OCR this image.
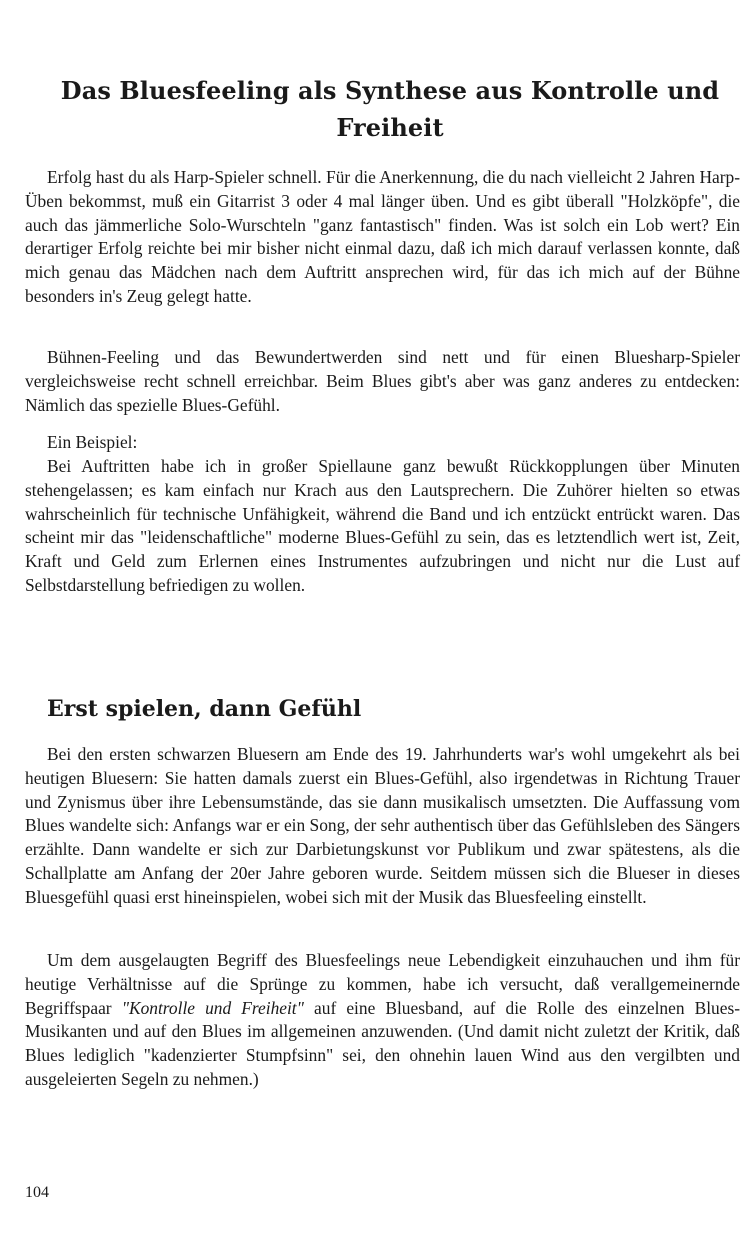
Das Bluesfeeling als Synthese aus Kontrolle und Freiheit

Erfolg hast du als Harp-Spieler schnell. Für die Anerkennung, die du nach vielleicht 2 Jahren Harp-Üben bekommst, muß ein Gitarrist 3 oder 4 mal länger üben. Und es gibt überall "Holzköpfe", die auch das jämmerliche Solo-Wurschteln "ganz fantastisch" finden. Was ist solch ein Lob wert? Ein derartiger Erfolg reichte bei mir bisher nicht einmal dazu, daß ich mich darauf verlassen konnte, daß mich genau das Mädchen nach dem Auftritt ansprechen wird, für das ich mich auf der Bühne besonders in's Zeug gelegt hatte.

Bühnen-Feeling und das Bewundertwerden sind nett und für einen Bluesharp-Spieler vergleichsweise recht schnell erreichbar. Beim Blues gibt's aber was ganz anderes zu entdecken: Nämlich das spezielle Blues-Gefühl.

Ein Beispiel:

Bei Auftritten habe ich in großer Spiellaune ganz bewußt Rückkopplungen über Minuten stehengelassen; es kam einfach nur Krach aus den Lautsprechern. Die Zuhörer hielten so etwas wahrscheinlich für technische Unfähigkeit, während die Band und ich entzückt entrückt waren. Das scheint mir das "leidenschaftliche" moderne Blues-Gefühl zu sein, das es letztendlich wert ist, Zeit, Kraft und Geld zum Erlernen eines Instrumentes aufzubringen und nicht nur die Lust auf Selbstdarstellung befriedigen zu wollen.

Erst spielen, dann Gefühl

Bei den ersten schwarzen Bluesern am Ende des 19. Jahrhunderts war's wohl umgekehrt als bei heutigen Bluesern: Sie hatten damals zuerst ein Blues-Gefühl, also irgendetwas in Richtung Trauer und Zynismus über ihre Lebensumstände, das sie dann musikalisch umsetzten. Die Auffassung vom Blues wandelte sich: Anfangs war er ein Song, der sehr authentisch über das Gefühlsleben des Sängers erzählte. Dann wandelte er sich zur Darbietungskunst vor Publikum und zwar spätestens, als die Schallplatte am Anfang der 20er Jahre geboren wurde. Seitdem müssen sich die Blueser in dieses Bluesgefühl quasi erst hineinspielen, wobei sich mit der Musik das Bluesfeeling einstellt.

Um dem ausgelaugten Begriff des Bluesfeelings neue Lebendigkeit einzuhauchen und ihm für heutige Verhältnisse auf die Sprünge zu kommen, habe ich versucht, daß verallgemeinernde Begriffspaar "Kontrolle und Freiheit" auf eine Bluesband, auf die Rolle des einzelnen Blues-Musikanten und auf den Blues im allgemeinen anzuwenden. (Und damit nicht zuletzt der Kritik, daß Blues lediglich "kadenzierter Stumpfsinn" sei, den ohnehin lauen Wind aus den vergilbten und ausgeleierten Segeln zu nehmen.)

104
